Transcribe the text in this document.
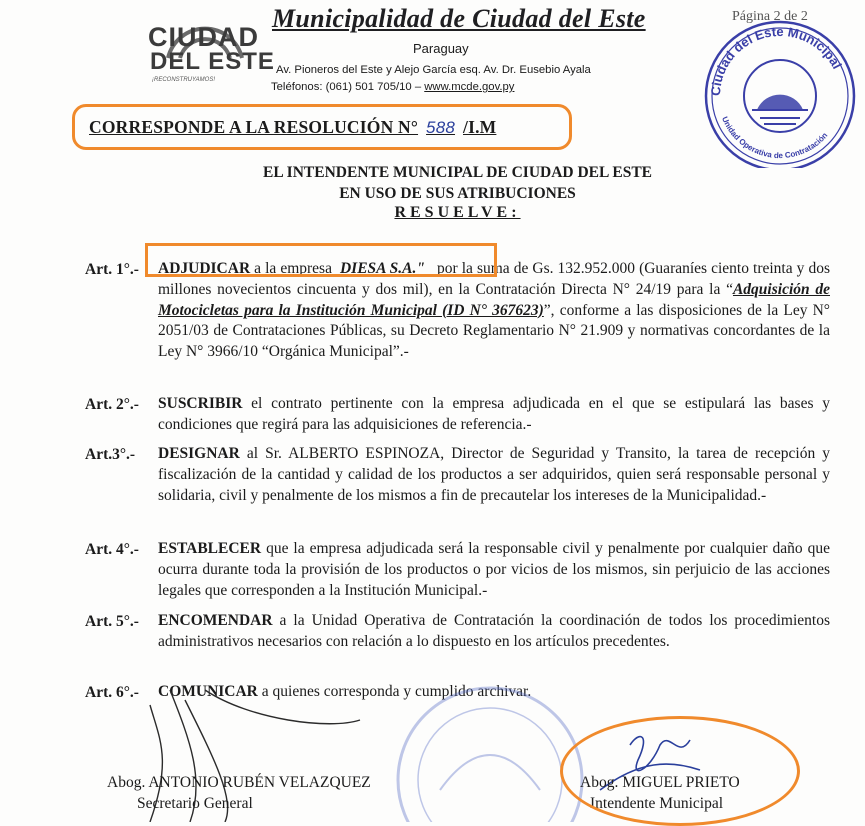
CIUDAD
DEL ESTE
¡RECONSTRUYAMOS!
Municipalidad de Ciudad del Este
Paraguay
Av. Pioneros del Este y Alejo García esq. Av. Dr. Eusebio Ayala
Teléfonos: (061) 501 705/10 – www.mcde.gov.py
Página 2 de 2
Ciudad del Este Municipal
Unidad Operativa de Contratación
CORRESPONDE A LA RESOLUCIÓN N° 588 /I.M
EL INTENDENTE MUNICIPAL DE CIUDAD DEL ESTE
EN USO DE SUS ATRIBUCIONES
RESUELVE:
Art. 1°.- ADJUDICAR a la empresa DIESA S.A." por la suma de Gs. 132.952.000 (Guaraníes ciento treinta y dos millones novecientos cincuenta y dos mil), en la Contratación Directa N° 24/19 para la “Adquisición de Motocicletas para la Institución Municipal (ID N° 367623)”, conforme a las disposiciones de la Ley N° 2051/03 de Contrataciones Públicas, su Decreto Reglamentario N° 21.909 y normativas concordantes de la Ley N° 3966/10 “Orgánica Municipal”.-
Art. 2°.- SUSCRIBIR el contrato pertinente con la empresa adjudicada en el que se estipulará las bases y condiciones que regirá para las adquisiciones de referencia.-
Art.3°.- DESIGNAR al Sr. ALBERTO ESPINOZA, Director de Seguridad y Transito, la tarea de recepción y fiscalización de la cantidad y calidad de los productos a ser adquiridos, quien será responsable personal y solidaria, civil y penalmente de los mismos a fin de precautelar los intereses de la Municipalidad.-
Art. 4°.- ESTABLECER que la empresa adjudicada será la responsable civil y penalmente por cualquier daño que ocurra durante toda la provisión de los productos o por vicios de los mismos, sin perjuicio de las acciones legales que corresponden a la Institución Municipal.-
Art. 5°.- ENCOMENDAR a la Unidad Operativa de Contratación la coordinación de todos los procedimientos administrativos necesarios con relación a lo dispuesto en los artículos precedentes.
Art. 6°.- COMUNICAR a quienes corresponda y cumplido archivar.
Abog. ANTONIO RUBÉN VELAZQUEZ
Secretario General
Abog. MIGUEL PRIETO
Intendente Municipal
